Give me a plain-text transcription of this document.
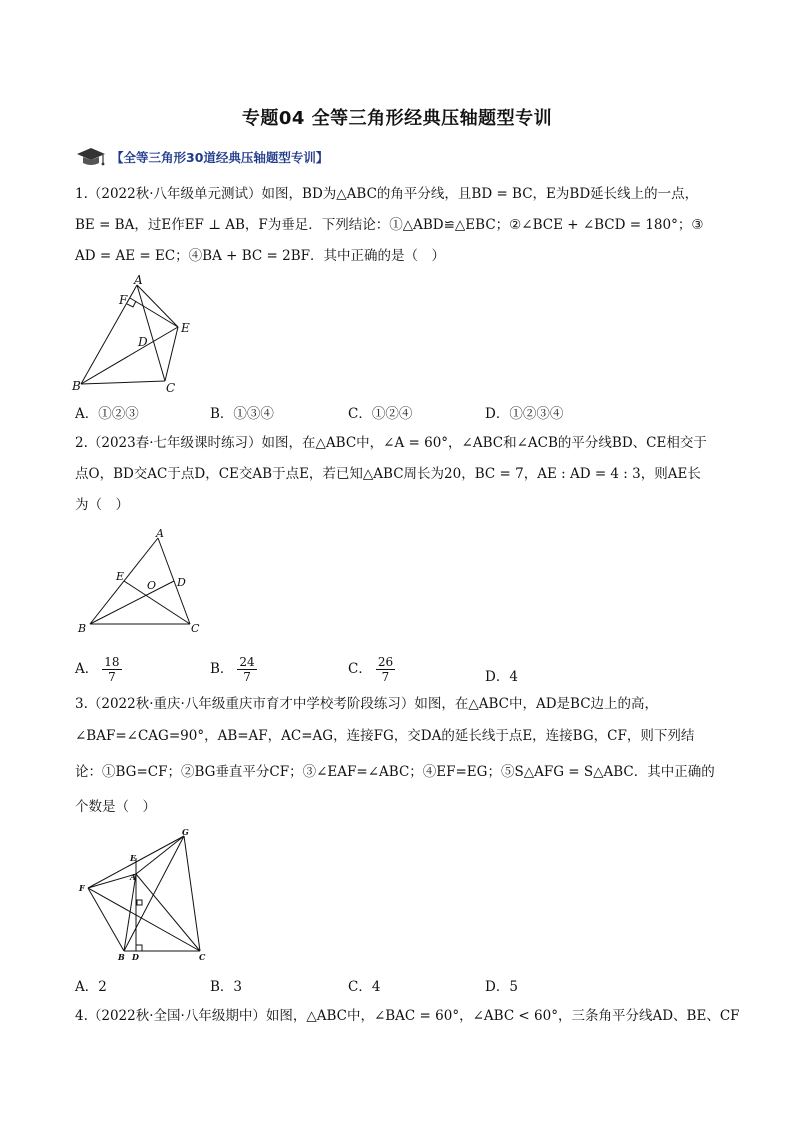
专题04 全等三角形经典压轴题型专训
【全等三角形30道经典压轴题型专训】
1.（2022秋·八年级单元测试）如图，BD为△ABC的角平分线，且BD = BC，E为BD延长线上的一点，
BE = BA，过E作EF ⊥ AB，F为垂足．下列结论：①△ABD≌△EBC；②∠BCE + ∠BCD = 180°；③
AD = AE = EC；④BA + BC = 2BF．其中正确的是（　）
A
F
E
D
B	C
A．①②③	B．①③④	C．①②④	D．①②③④
2.（2023春·七年级课时练习）如图，在△ABC中，∠A = 60°，∠ABC和∠ACB的平分线BD、CE相交于
点O，BD交AC于点D，CE交AB于点E，若已知△ABC周长为20，BC = 7，AE : AD = 4 : 3，则AE长
为（　）
A
E
O D
B	C
A． $\frac{18}{7}$	B． $\frac{24}{7}$	C． $\frac{26}{7}$	D．4
3.（2022秋·重庆·八年级重庆市育才中学校考阶段练习）如图，在△ABC中，AD是BC边上的高，
∠BAF=∠CAG=90°，AB=AF，AC=AG，连接FG，交DA的延长线于点E，连接BG，CF，则下列结
论：①BG=CF；②BG垂直平分CF；③∠EAF=∠ABC；④EF=EG；⑤S△AFG = S△ABC．其中正确的
个数是（　）
G
E
F
A
B D	C
A．2	B．3	C．4	D．5
4.（2022秋·全国·八年级期中）如图，△ABC中，∠BAC = 60°，∠ABC < 60°，三条角平分线AD、BE、CF
